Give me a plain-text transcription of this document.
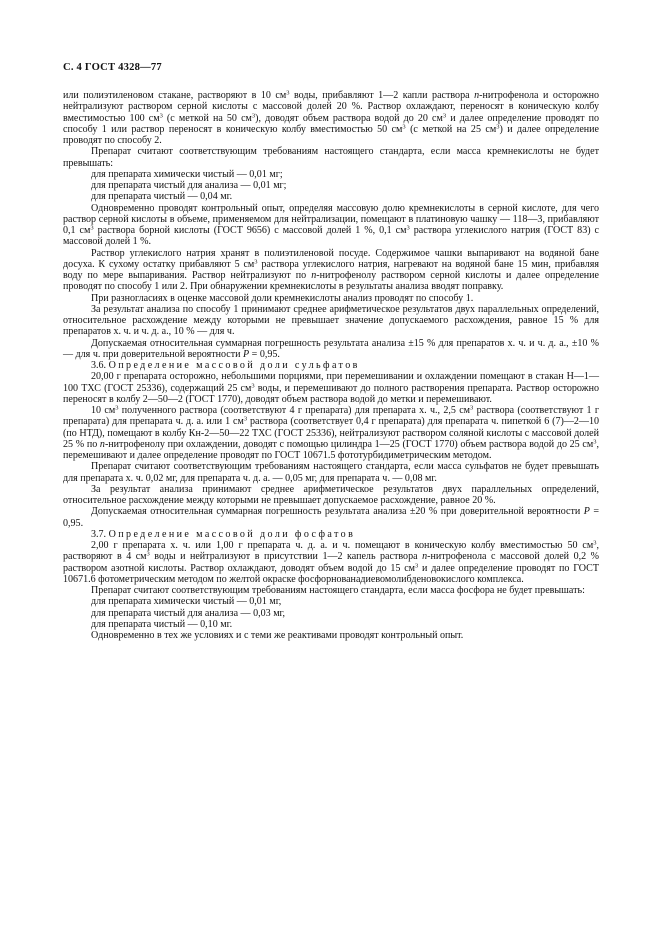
С. 4 ГОСТ 4328—77

или полиэтиленовом стакане, растворяют в 10 $см^3$ воды, прибавляют 1—2 капли раствора n-нитрофенола и осторожно нейтрализуют раствором серной кислоты с массовой долей 20 %. Раствор охлаждают, переносят в коническую колбу вместимостью 100 $см^3$ (с меткой на 50 $см^3$), доводят объем раствора водой до 20 $см^3$ и далее определение проводят по способу 1 или раствор переносят в коническую колбу вместимостью 50 $см^3$ (с меткой на 25 $см^3$) и далее определение проводят по способу 2.

Препарат считают соответствующим требованиям настоящего стандарта, если масса кремнекислоты не будет превышать:

для препарата химически чистый — 0,01 мг;

для препарата чистый для анализа — 0,01 мг;

для препарата чистый — 0,04 мг.

Одновременно проводят контрольный опыт, определяя массовую долю кремнекислоты в серной кислоте, для чего раствор серной кислоты в объеме, применяемом для нейтрализации, помещают в платиновую чашку — 118—3, прибавляют 0,1 $см^3$ раствора борной кислоты (ГОСТ 9656) с массовой долей 1 %, 0,1 $см^3$ раствора углекислого натрия (ГОСТ 83) с массовой долей 1 %.

Раствор углекислого натрия хранят в полиэтиленовой посуде. Содержимое чашки выпаривают на водяной бане досуха. К сухому остатку прибавляют 5 $см^3$ раствора углекислого натрия, нагревают на водяной бане 15 мин, прибавляя воду по мере выпаривания. Раствор нейтрализуют по n-нитрофенолу раствором серной кислоты и далее определение проводят по способу 1 или 2. При обнаружении кремнекислоты в результаты анализа вводят поправку.

При разногласиях в оценке массовой доли кремнекислоты анализ проводят по способу 1.

За результат анализа по способу 1 принимают среднее арифметическое результатов двух параллельных определений, относительное расхождение между которыми не превышает значение допускаемого расхождения, равное 15 % для препаратов х. ч. и ч. д. а., 10 % — для ч.

Допускаемая относительная суммарная погрешность результата анализа ±15 % для препаратов х. ч. и ч. д. а., ±10 % — для ч. при доверительной вероятности P = 0,95.

3.6. Определение массовой доли сульфатов

20,00 г препарата осторожно, небольшими порциями, при перемешивании и охлаждении помещают в стакан Н—1—100 ТХС (ГОСТ 25336), содержащий 25 $см^3$ воды, и перемешивают до полного растворения препарата. Раствор осторожно переносят в колбу 2—50—2 (ГОСТ 1770), доводят объем раствора водой до метки и перемешивают.

10 $см^3$ полученного раствора (соответствуют 4 г препарата) для препарата х. ч., 2,5 $см^3$ раствора (соответствуют 1 г препарата) для препарата ч. д. а. или 1 $см^3$ раствора (соответствует 0,4 г препарата) для препарата ч. пипеткой 6 (7)—2—10 (по НТД), помещают в колбу Кн-2—50—22 ТХС (ГОСТ 25336), нейтрализуют раствором соляной кислоты с массовой долей 25 % по n-нитрофенолу при охлаждении, доводят с помощью цилиндра 1—25 (ГОСТ 1770) объем раствора водой до 25 $см^3$, перемешивают и далее определение проводят по ГОСТ 10671.5 фототурбидиметрическим методом.

Препарат считают соответствующим требованиям настоящего стандарта, если масса сульфатов не будет превышать для препарата х. ч. 0,02 мг, для препарата ч. д. а. — 0,05 мг, для препарата ч. — 0,08 мг.

За результат анализа принимают среднее арифметическое результатов двух параллельных определений, относительное расхождение между которыми не превышает допускаемое расхождение, равное 20 %.

Допускаемая относительная суммарная погрешность результата анализа ±20 % при доверительной вероятности P = 0,95.

3.7. Определение массовой доли фосфатов

2,00 г препарата х. ч. или 1,00 г препарата ч. д. а. и ч. помещают в коническую колбу вместимостью 50 $см^3$, растворяют в 4 $см^3$ воды и нейтрализуют в присутствии 1—2 капель раствора n-нитрофенола с массовой долей 0,2 % раствором азотной кислоты. Раствор охлаждают, доводят объем водой до 15 $см^3$ и далее определение проводят по ГОСТ 10671.6 фотометрическим методом по желтой окраске фосфорнованадиевомолибденовокислого комплекса.

Препарат считают соответствующим требованиям настоящего стандарта, если масса фосфора не будет превышать:

для препарата химически чистый — 0,01 мг,

для препарата чистый для анализа — 0,03 мг,

для препарата чистый — 0,10 мг.

Одновременно в тех же условиях и с теми же реактивами проводят контрольный опыт.
